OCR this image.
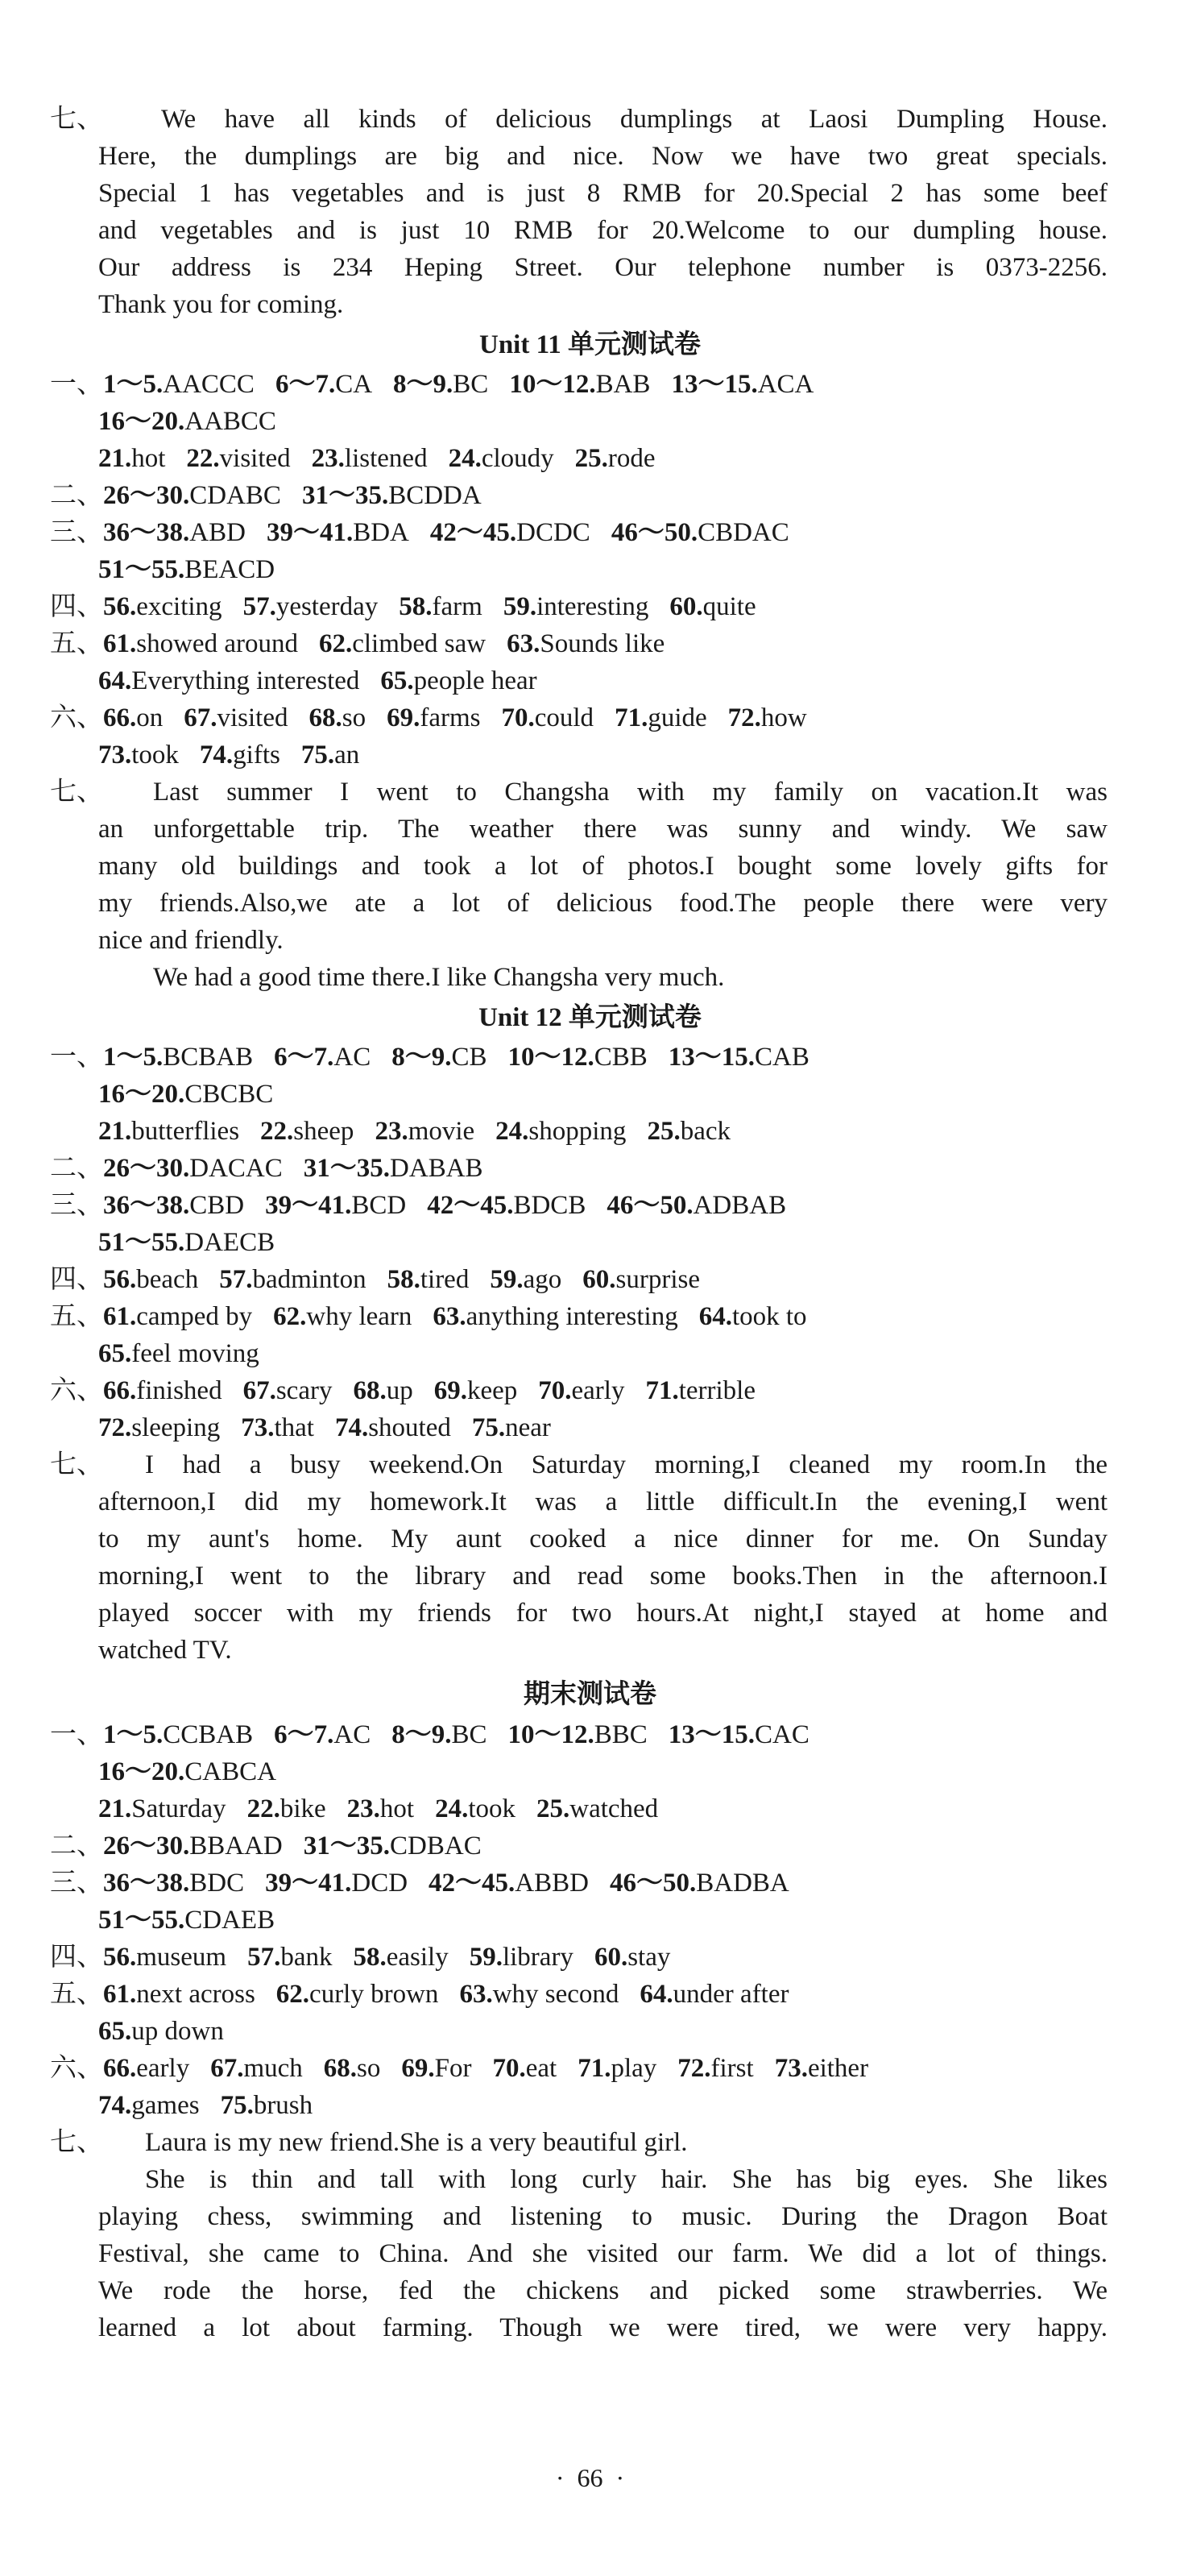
七、 We have all kinds of delicious dumplings at Laosi Dumpling House.
Here, the dumplings are big and nice. Now we have two great specials.
Special 1 has vegetables and is just 8 RMB for 20.Special 2 has some beef
and vegetables and is just 10 RMB for 20.Welcome to our dumpling house.
Our address is 234 Heping Street. Our telephone number is 0373-2256.
Thank you for coming.
Unit 11 单元测试卷
一、1～5.AACCC 6～7.CA 8～9.BC 10～12.BAB 13～15.ACA
16～20.AABCC
21.hot 22.visited 23.listened 24.cloudy 25.rode
二、26～30.CDABC 31～35.BCDDA
三、36～38.ABD 39～41.BDA 42～45.DCDC 46～50.CBDAC
51～55.BEACD
四、56.exciting 57.yesterday 58.farm 59.interesting 60.quite
五、61.showed around 62.climbed saw 63.Sounds like
64.Everything interested 65.people hear
六、66.on 67.visited 68.so 69.farms 70.could 71.guide 72.how
73.took 74.gifts 75.an
七、 Last summer I went to Changsha with my family on vacation.It was
an unforgettable trip. The weather there was sunny and windy. We saw
many old buildings and took a lot of photos.I bought some lovely gifts for
my friends.Also,we ate a lot of delicious food.The people there were very
nice and friendly.
We had a good time there.I like Changsha very much.
Unit 12 单元测试卷
一、1～5.BCBAB 6～7.AC 8～9.CB 10～12.CBB 13～15.CAB
16～20.CBCBC
21.butterflies 22.sheep 23.movie 24.shopping 25.back
二、26～30.DACAC 31～35.DABAB
三、36～38.CBD 39～41.BCD 42～45.BDCB 46～50.ADBAB
51～55.DAECB
四、56.beach 57.badminton 58.tired 59.ago 60.surprise
五、61.camped by 62.why learn 63.anything interesting 64.took to
65.feel moving
六、66.finished 67.scary 68.up 69.keep 70.early 71.terrible
72.sleeping 73.that 74.shouted 75.near
七、 I had a busy weekend.On Saturday morning,I cleaned my room.In the
afternoon,I did my homework.It was a little difficult.In the evening,I went
to my aunt's home. My aunt cooked a nice dinner for me. On Sunday
morning,I went to the library and read some books.Then in the afternoon.I
played soccer with my friends for two hours.At night,I stayed at home and
watched TV.
期末测试卷
一、1～5.CCBAB 6～7.AC 8～9.BC 10～12.BBC 13～15.CAC
16～20.CABCA
21.Saturday 22.bike 23.hot 24.took 25.watched
二、26～30.BBAAD 31～35.CDBAC
三、36～38.BDC 39～41.DCD 42～45.ABBD 46～50.BADBA
51～55.CDAEB
四、56.museum 57.bank 58.easily 59.library 60.stay
五、61.next across 62.curly brown 63.why second 64.under after
65.up down
六、66.early 67.much 68.so 69.For 70.eat 71.play 72.first 73.either
74.games 75.brush
七、 Laura is my new friend.She is a very beautiful girl.
She is thin and tall with long curly hair. She has big eyes. She likes
playing chess, swimming and listening to music. During the Dragon Boat
Festival, she came to China. And she visited our farm. We did a lot of things.
We rode the horse, fed the chickens and picked some strawberries. We
learned a lot about farming. Though we were tired, we were very happy.
·  66  ·
